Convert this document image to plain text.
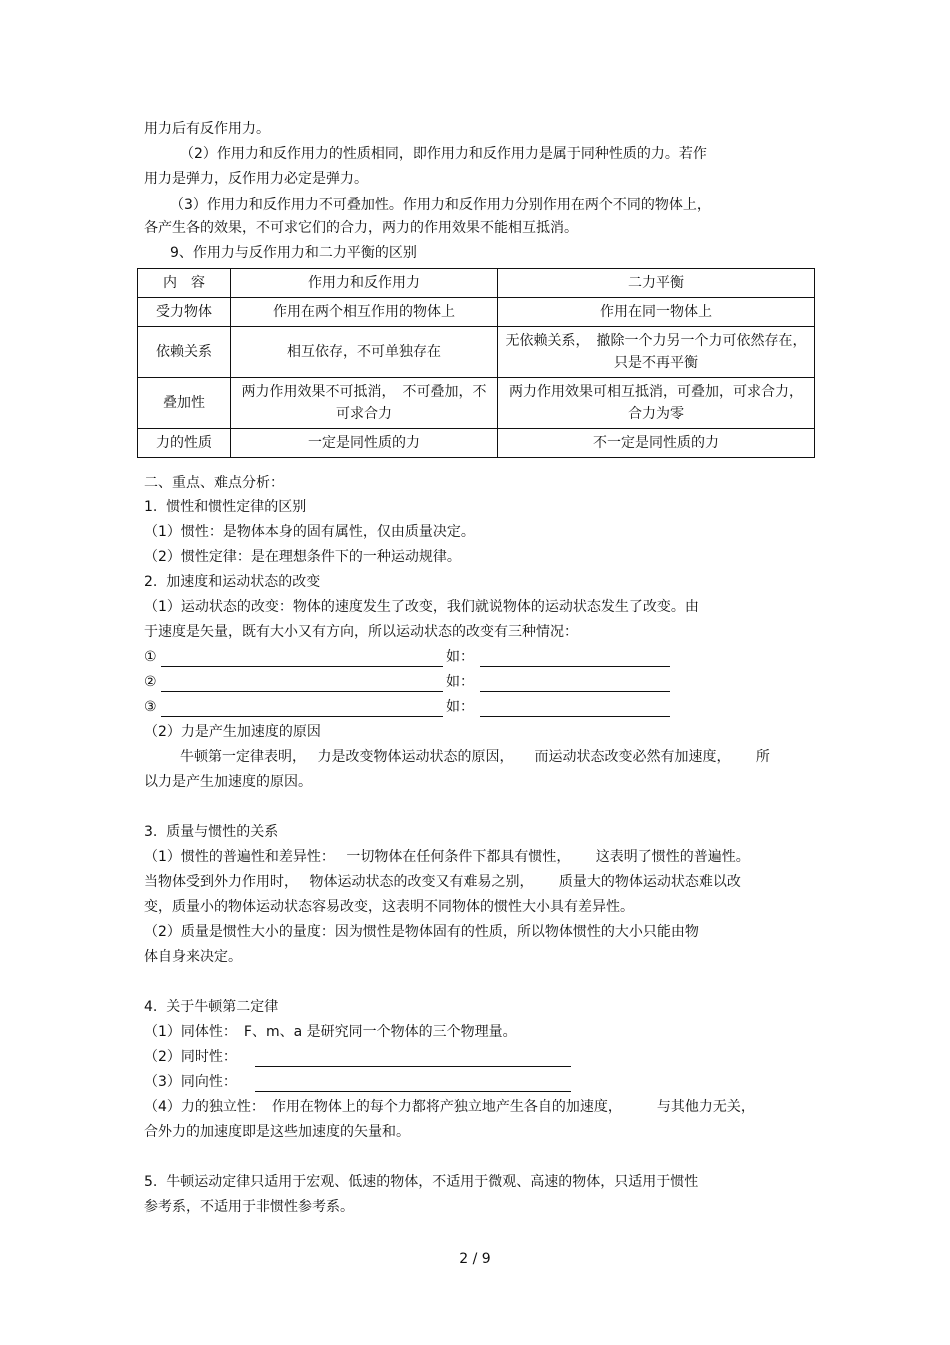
用力后有反作用力。
（2）作用力和反作用力的性质相同，即作用力和反作用力是属于同种性质的力。若作
用力是弹力，反作用力必定是弹力。
（3）作用力和反作用力不可叠加性。作用力和反作用力分别作用在两个不同的物体上，
各产生各的效果，不可求它们的合力，两力的作用效果不能相互抵消。
9、作用力与反作用力和二力平衡的区别
内　容	作用力和反作用力	二力平衡
受力物体	作用在两个相互作用的物体上	作用在同一物体上
依赖关系	相互依存，不可单独存在	无依赖关系，　撤除一个力另一个力可依然存在，只是不再平衡
叠加性	两力作用效果不可抵消，　不可叠加，不可求合力	两力作用效果可相互抵消，可叠加，可求合力，合力为零
力的性质	一定是同性质的力	不一定是同性质的力
二、重点、难点分析：
1.  惯性和惯性定律的区别
（1）惯性：是物体本身的固有属性，仅由质量决定。
（2）惯性定律：是在理想条件下的一种运动规律。
2.  加速度和运动状态的改变
（1）运动状态的改变：物体的速度发生了改变，我们就说物体的运动状态发生了改变。由
于速度是矢量，既有大小又有方向，所以运动状态的改变有三种情况：
①	如：
②	如：
③	如：
（2）力是产生加速度的原因
牛顿第一定律表明，　 力是改变物体运动状态的原因，　　而运动状态改变必然有加速度，　　 所
以力是产生加速度的原因。
3.  质量与惯性的关系
（1）惯性的普遍性和差异性：　 一切物体在任何条件下都具有惯性，　　 这表明了惯性的普遍性。
当物体受到外力作用时，　 物体运动状态的改变又有难易之别，　　 质量大的物体运动状态难以改
变，质量小的物体运动状态容易改变，这表明不同物体的惯性大小具有差异性。
（2）质量是惯性大小的量度：因为惯性是物体固有的性质，所以物体惯性的大小只能由物
体自身来决定。
4.  关于牛顿第二定律
（1）同体性：　F、m、a 是研究同一个物体的三个物理量。
（2）同时性：
（3）同向性：
（4）力的独立性：　作用在物体上的每个力都将产独立地产生各自的加速度，　　　与其他力无关，
合外力的加速度即是这些加速度的矢量和。
5.  牛顿运动定律只适用于宏观、低速的物体，不适用于微观、高速的物体，只适用于惯性
参考系，不适用于非惯性参考系。
2 / 9
